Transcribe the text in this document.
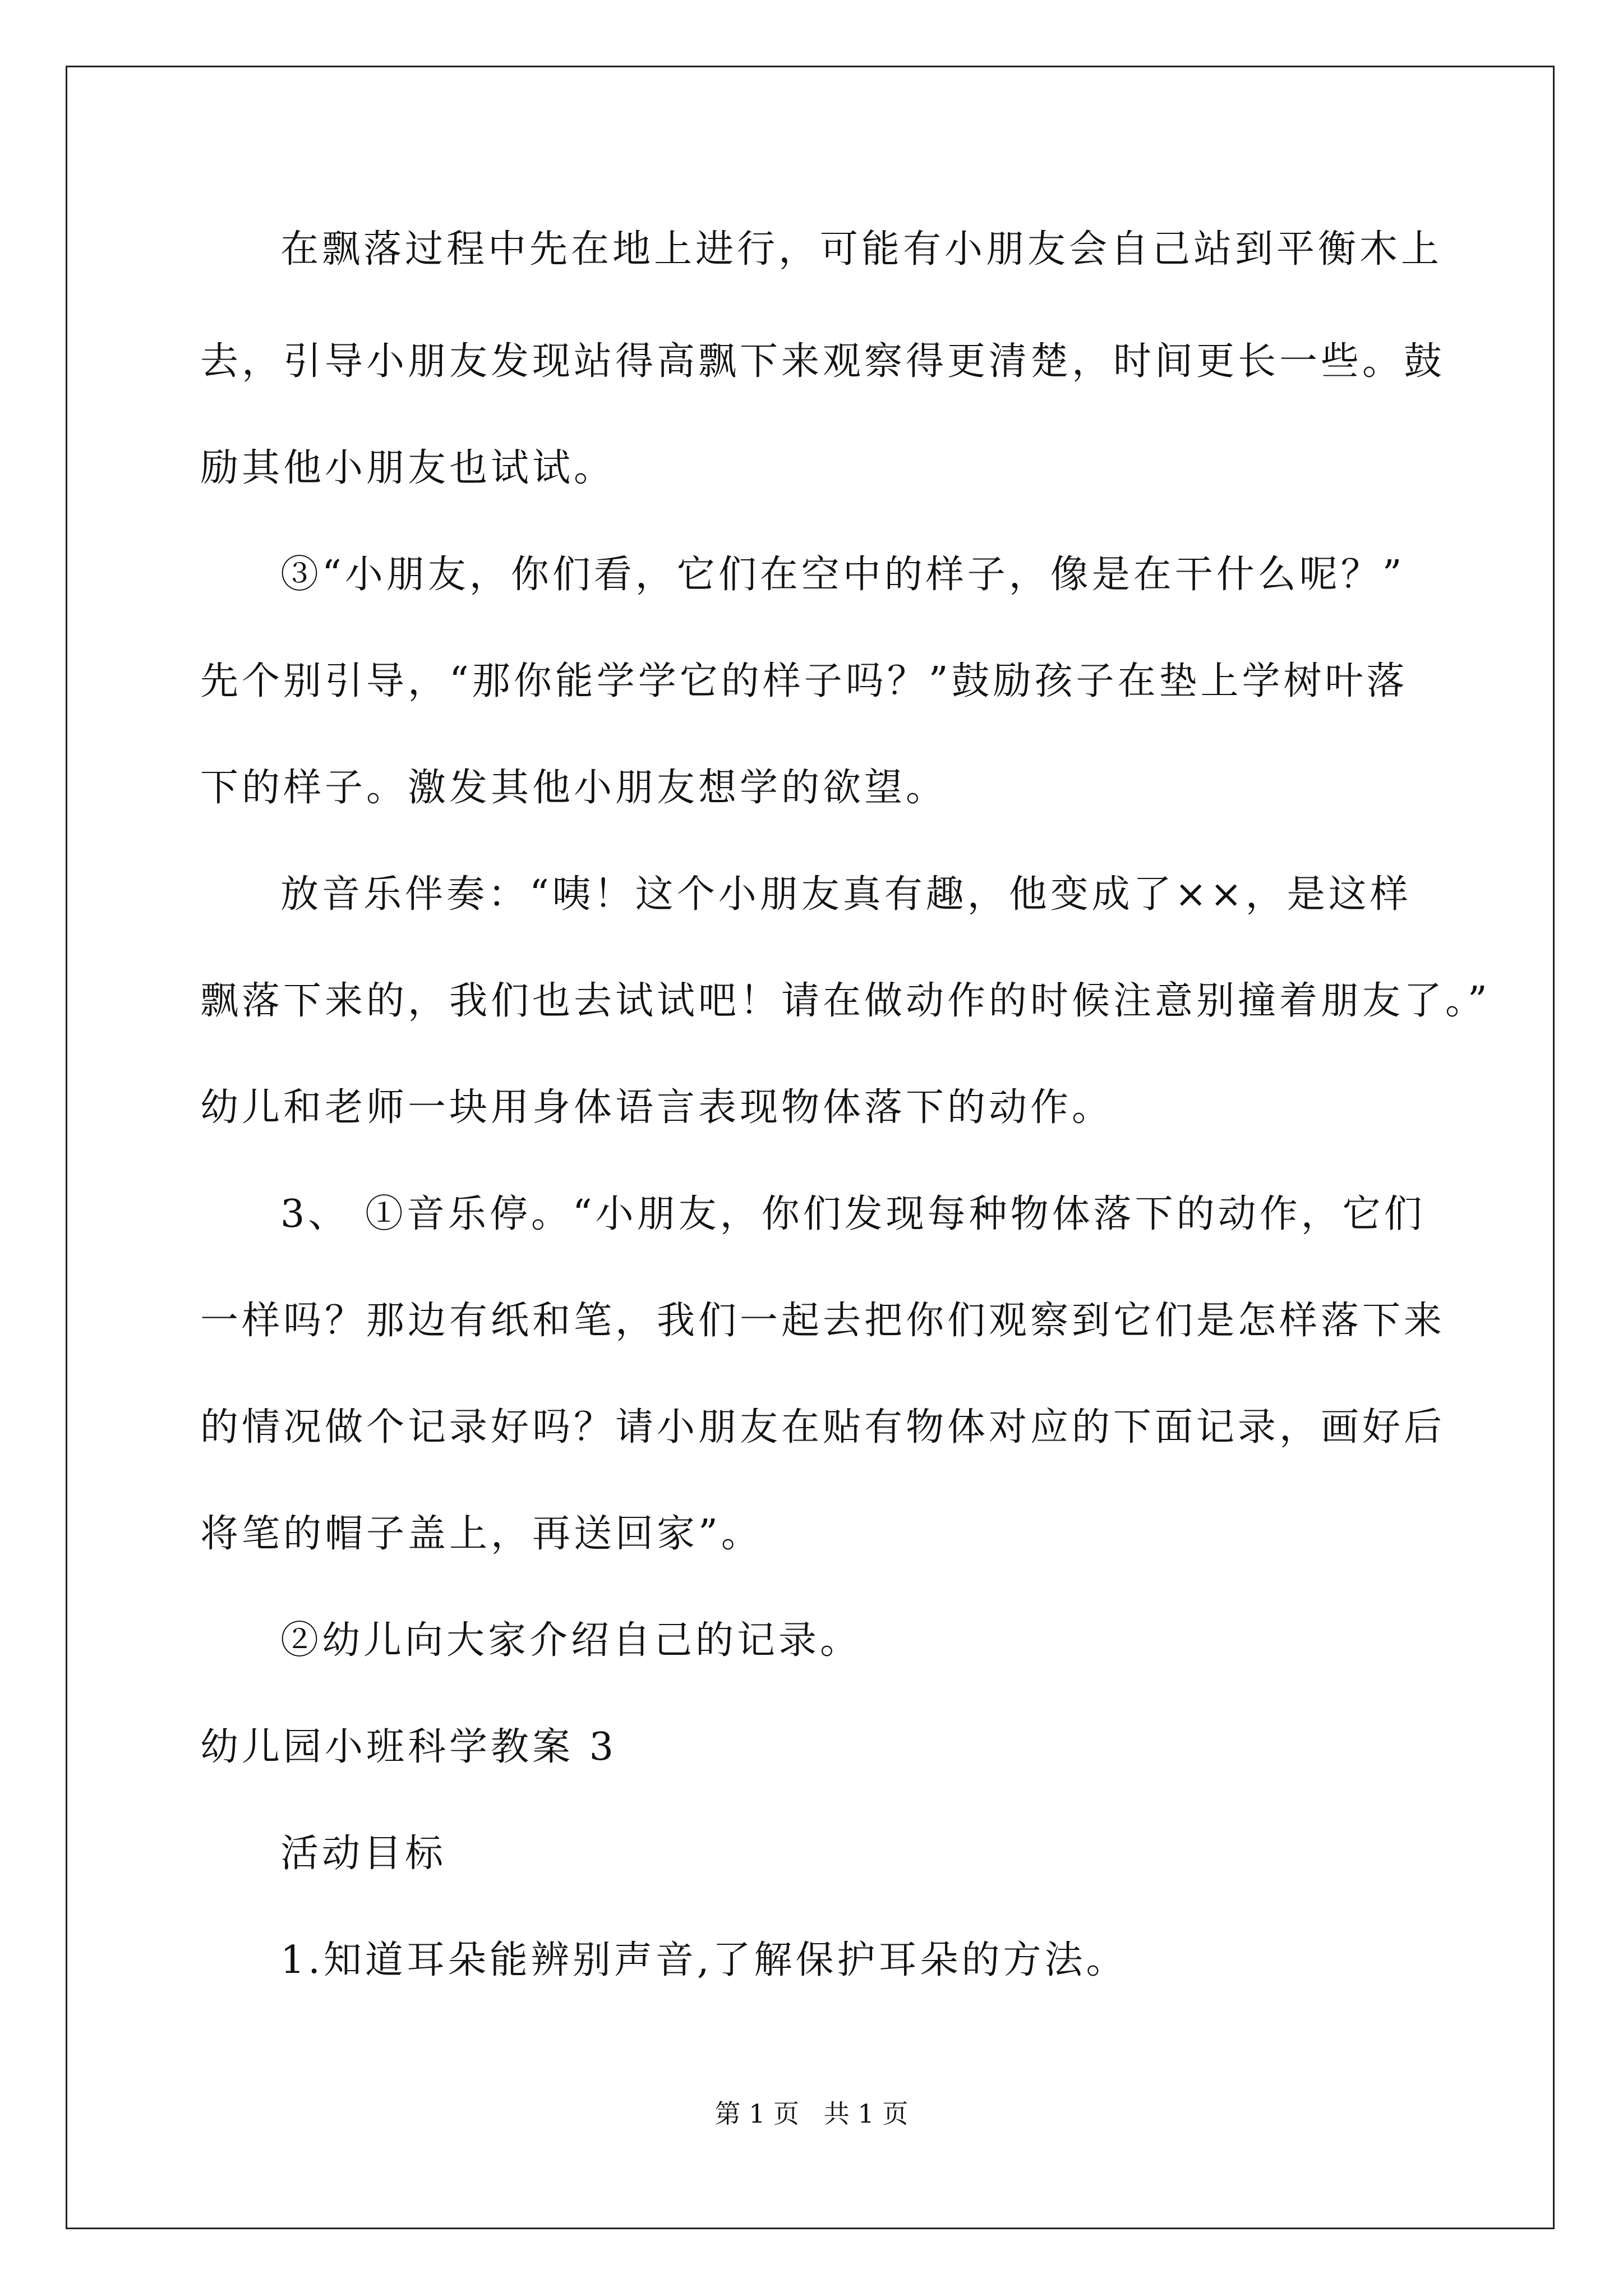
在飘落过程中先在地上进行，可能有小朋友会自己站到平衡木上
去，引导小朋友发现站得高飘下来观察得更清楚，时间更长一些。鼓
励其他小朋友也试试。
③“小朋友，你们看，它们在空中的样子，像是在干什么呢？”
先个别引导，“那你能学学它的样子吗？”鼓励孩子在垫上学树叶落
下的样子。激发其他小朋友想学的欲望。
放音乐伴奏：“咦！这个小朋友真有趣，他变成了××，是这样
飘落下来的，我们也去试试吧！请在做动作的时候注意别撞着朋友了。”
幼儿和老师一块用身体语言表现物体落下的动作。
3、 ①音乐停。“小朋友，你们发现每种物体落下的动作，它们
一样吗？那边有纸和笔，我们一起去把你们观察到它们是怎样落下来
的情况做个记录好吗？请小朋友在贴有物体对应的下面记录，画好后
将笔的帽子盖上，再送回家”。
②幼儿向大家介绍自己的记录。
幼儿园小班科学教案 3
活动目标
1.知道耳朵能辨别声音,了解保护耳朵的方法。
第 1 页   共 1 页
